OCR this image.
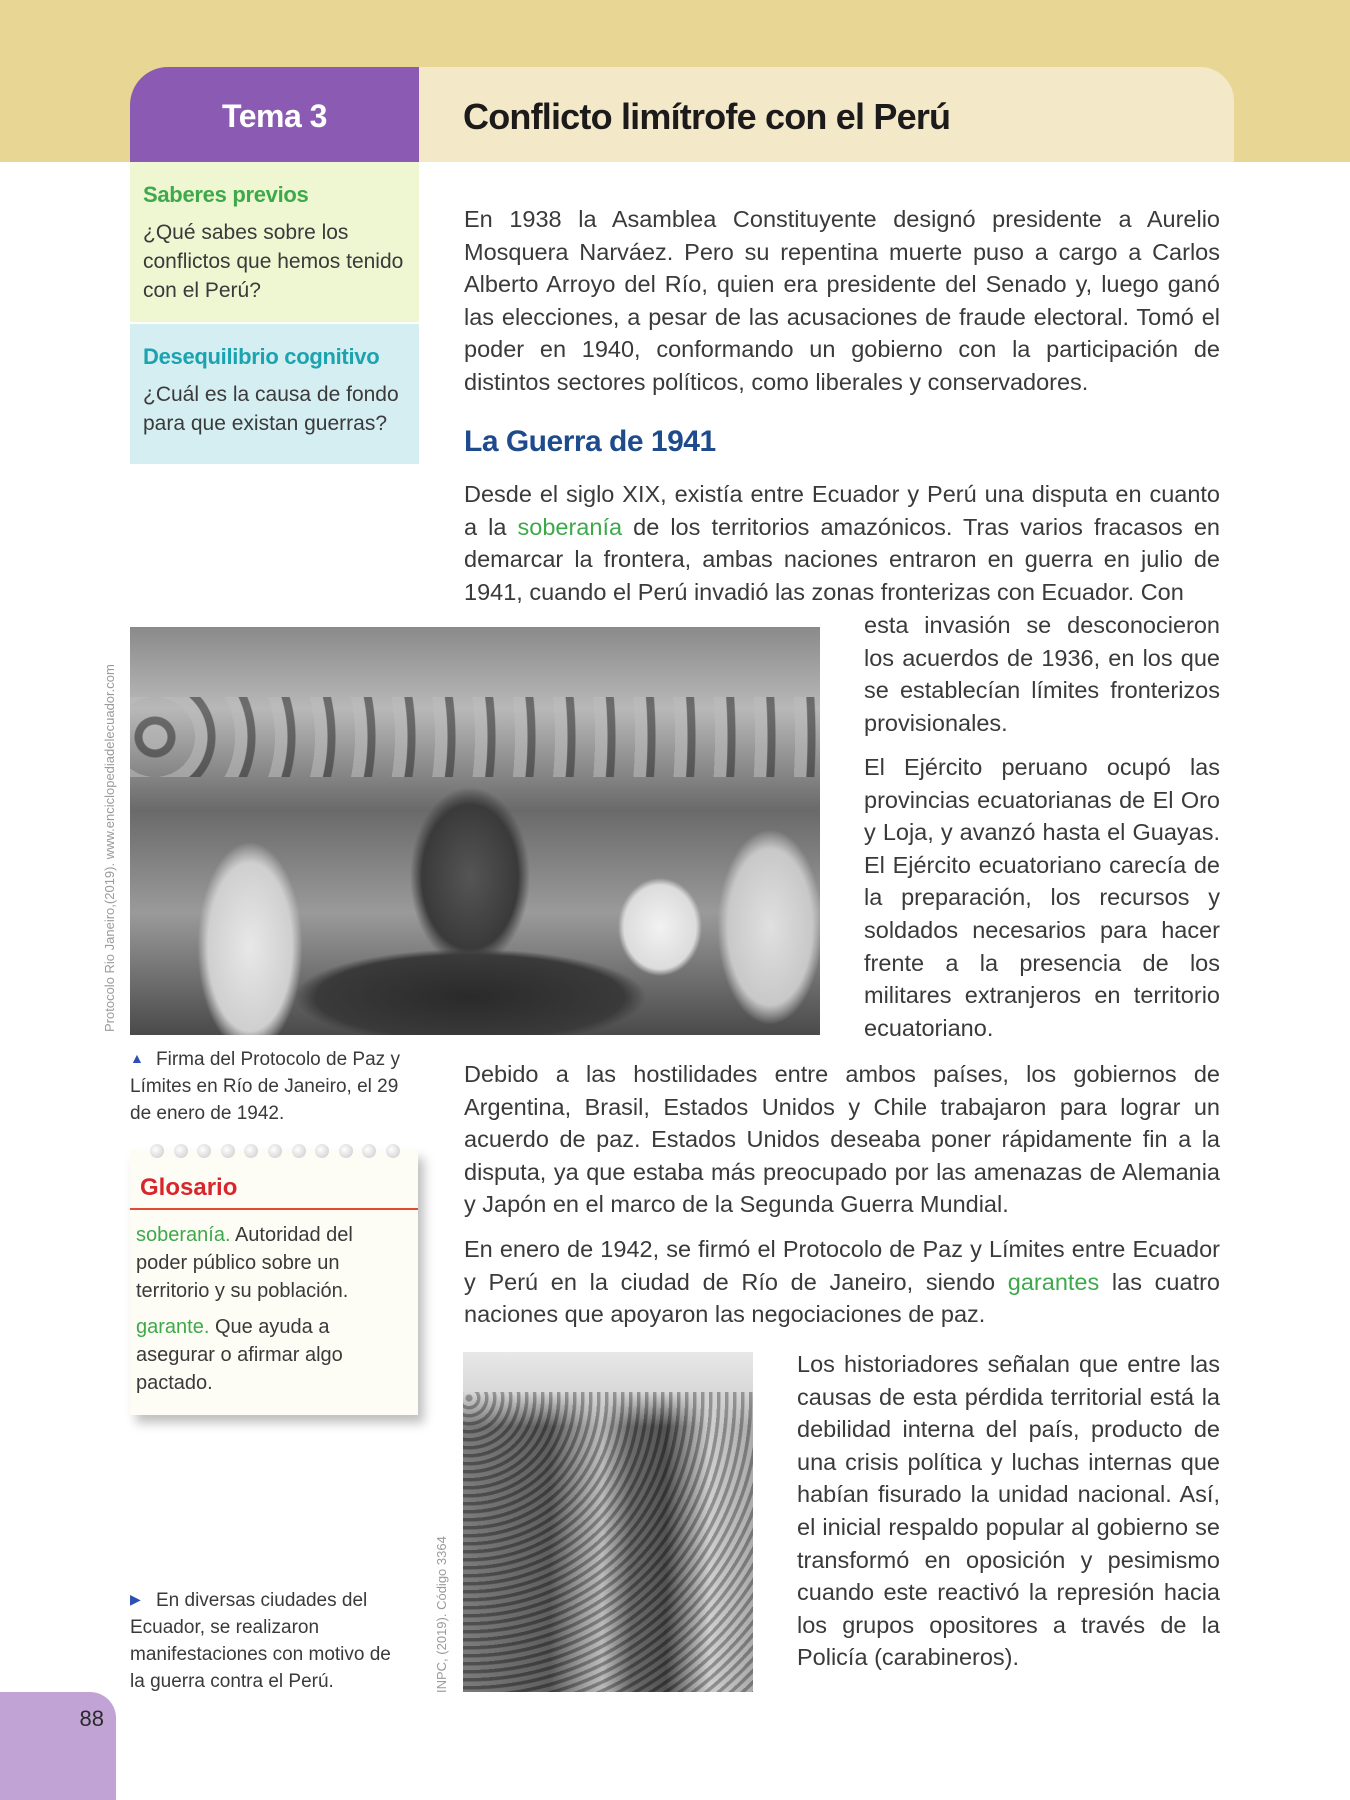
Tema 3	Conflicto limítrofe con el Perú
Saberes previos

¿Qué sabes sobre los conflictos que hemos tenido con el Perú?

Desequilibrio cognitivo

¿Cuál es la causa de fondo para que existan guerras?

En 1938 la Asamblea Constituyente designó presidente a Aurelio Mosquera Narváez. Pero su repentina muerte puso a cargo a Carlos Alberto Arroyo del Río, quien era presidente del Senado y, luego ganó las elecciones, a pesar de las acusaciones de fraude electoral. Tomó el poder en 1940, conformando un gobierno con la participación de distintos sectores políticos, como liberales y conservadores.

La Guerra de 1941

Desde el siglo XIX, existía entre Ecuador y Perú una disputa en cuanto a la soberanía de los territorios amazónicos. Tras varios fracasos en demarcar la frontera, ambas naciones entraron en guerra en julio de 1941, cuando el Perú invadió las zonas fronterizas con Ecuador. Con

esta invasión se desconocieron los acuerdos de 1936, en los que se establecían límites fronterizos provisionales.

El Ejército peruano ocupó las provincias ecuatorianas de El Oro y Loja, y avanzó hasta el Guayas. El Ejército ecuatoriano carecía de la preparación, los recursos y soldados necesarios para hacer frente a la presencia de los militares extranjeros en territorio ecuatoriano.

Debido a las hostilidades entre ambos países, los gobiernos de Argentina, Brasil, Estados Unidos y Chile trabajaron para lograr un acuerdo de paz. Estados Unidos deseaba poner rápidamente fin a la disputa, ya que estaba más preocupado por las amenazas de Alemania y Japón en el marco de la Segunda Guerra Mundial.

En enero de 1942, se firmó el Protocolo de Paz y Límites entre Ecuador y Perú en la ciudad de Río de Janeiro, siendo garantes las cuatro naciones que apoyaron las negociaciones de paz.

Los historiadores señalan que entre las causas de esta pérdida territorial está la debilidad interna del país, producto de una crisis política y luchas internas que habían fisurado la unidad nacional. Así, el inicial respaldo popular al gobierno se transformó en oposición y pesimismo cuando este reactivó la represión hacia los grupos opositores a través de la Policía (carabineros).

Protocolo Rio Janeiro,(2019). www.enciclopediadelecuador.com

▲ Firma del Protocolo de Paz y Límites en Río de Janeiro, el 29 de enero de 1942.

Glosario

soberanía. Autoridad del poder público sobre un territorio y su población.

garante. Que ayuda a asegurar o afirmar algo pactado.

INPC, (2019). Código 3364

▶ En diversas ciudades del Ecuador, se realizaron manifestaciones con motivo de la guerra contra el Perú.

88
